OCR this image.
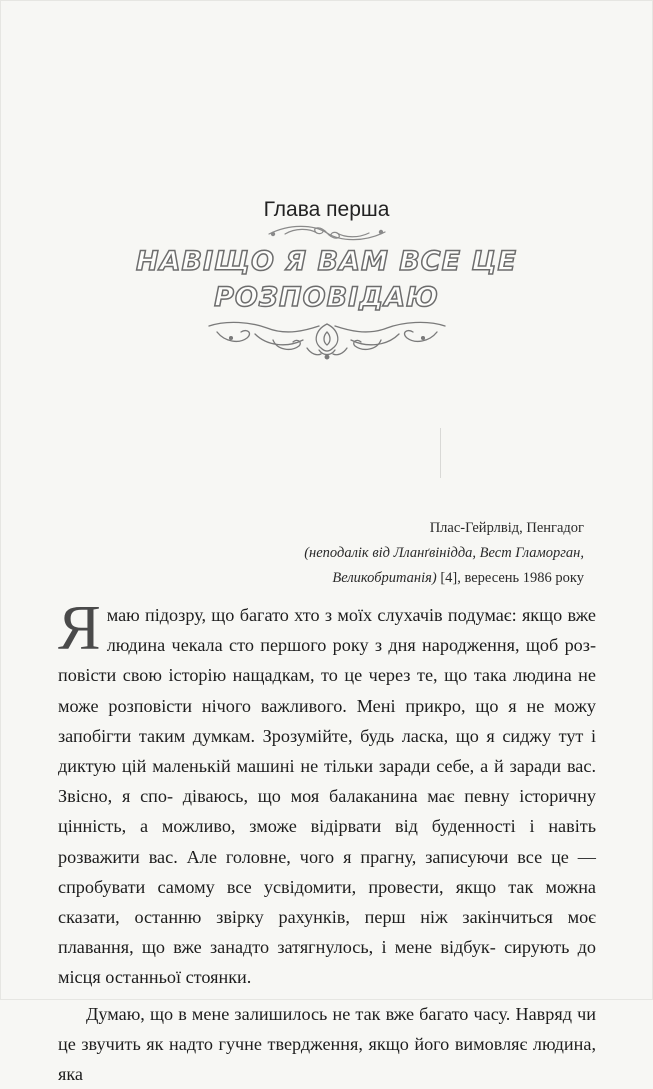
Глава перша
НАВІЩО Я ВАМ ВСЕ ЦЕ
РОЗПОВІДАЮ
Плас-Гейрлвід, Пенгадог
(неподалік від Лланґвініддa, Вест Гламорган,
Великобританія) [4], вересень 1986 року

Я маю підозру, що багато хто з моїх слухачів подумає: якщо вже людина чекала сто першого року з дня народження, щоб роз- повісти свою історію нащадкам, то це через те, що така людина не може розповісти нічого важливого. Мені прикро, що я не можу запобігти таким думкам. Зрозумійте, будь ласка, що я сиджу тут і диктую цій маленькій машині не тільки заради себе, а й заради вас. Звісно, я спо- діваюсь, що моя балаканина має певну історичну цінність, а можливо, зможе відірвати від буденності і навіть розважити вас. Але головне, чого я прагну, записуючи все це — спробувати самому все усвідомити, провести, якщо так можна сказати, останню звірку рахунків, перш ніж закінчиться моє плавання, що вже занадто затягнулось, і мене відбук- сирують до місця останньої стоянки.

Думаю, що в мене залишилось не так вже багато часу. Навряд чи це звучить як надто гучне твердження, якщо його вимовляє людина, яка
